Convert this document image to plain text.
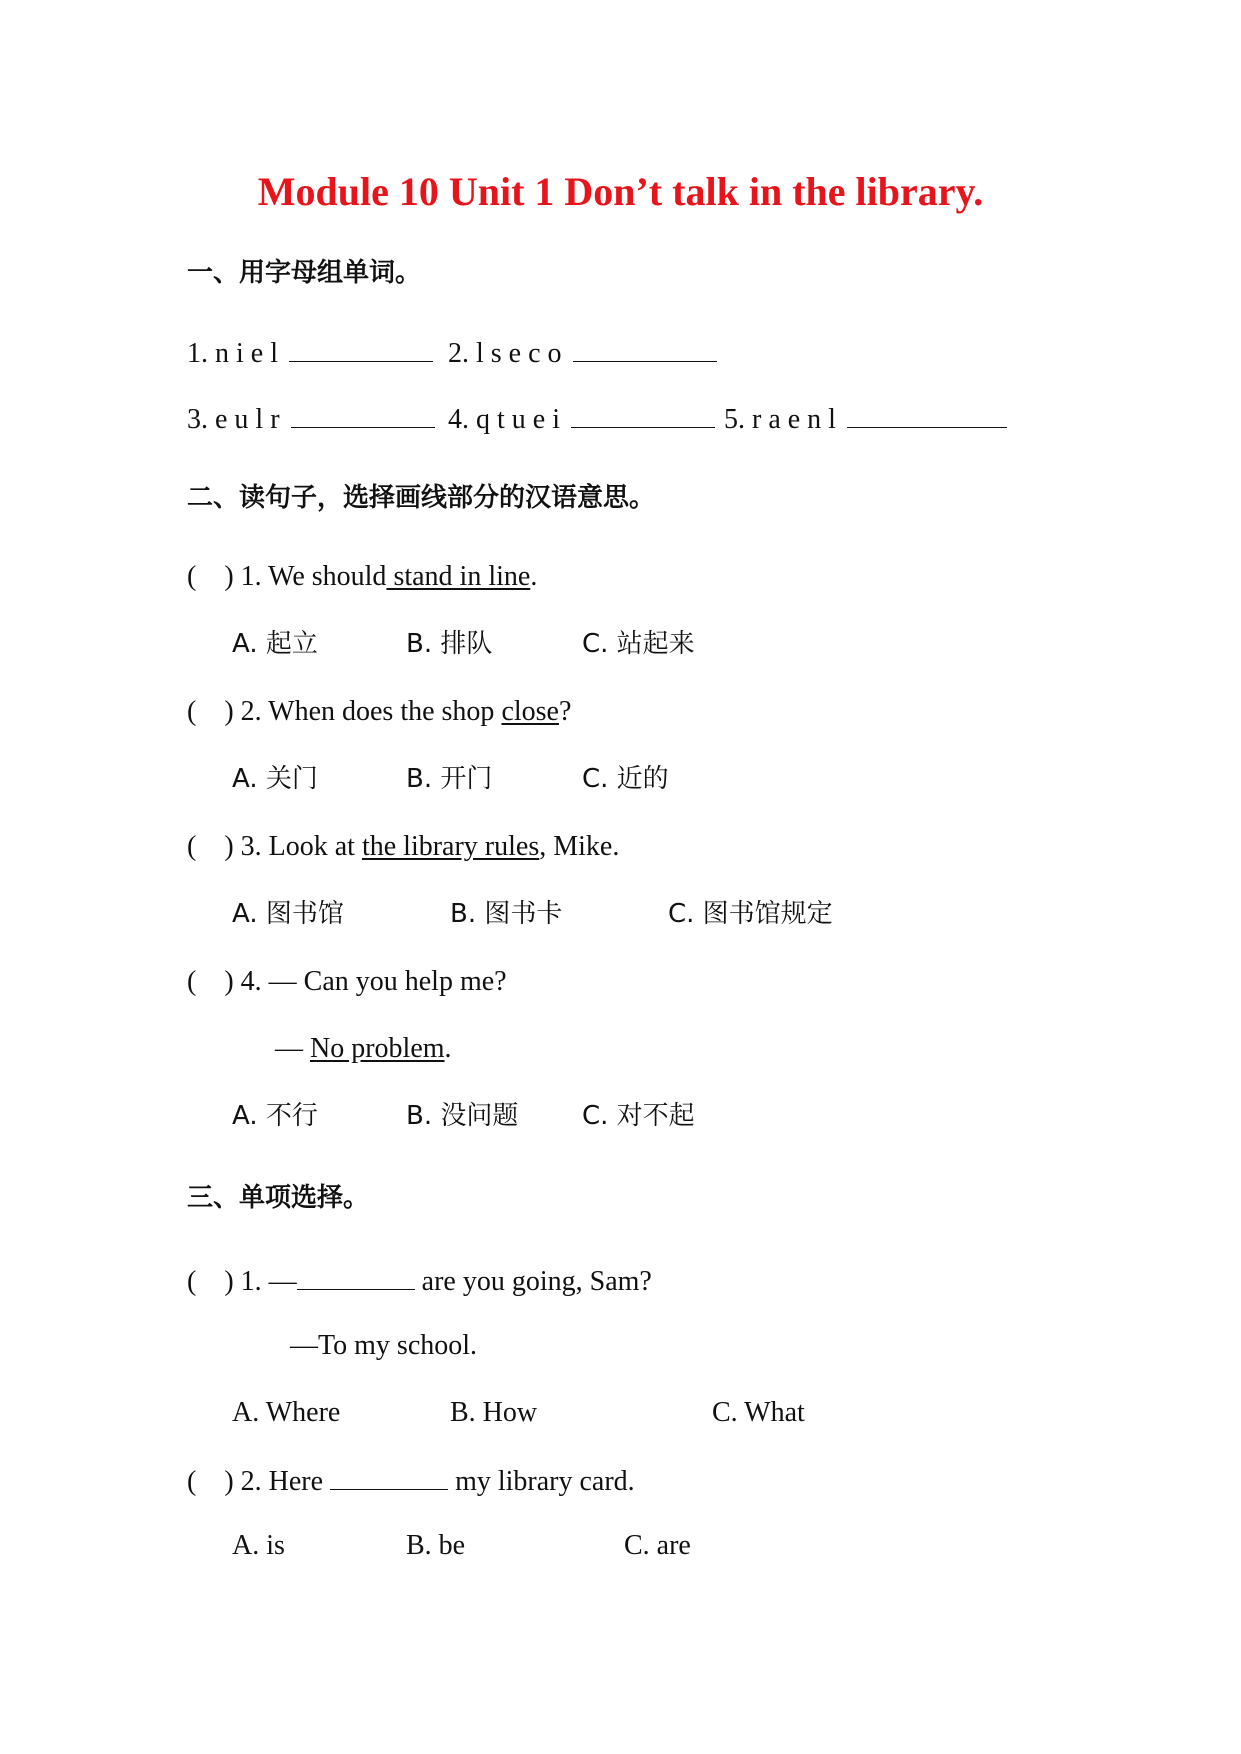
Module 10 Unit 1 Don’t talk in the library.
一、用字母组单词。
1. n i e l	2. l s e c o
3. e u l r	4. q t u e i	5. r a e n l
二、读句子，选择画线部分的汉语意思。
(　) 1. We should stand in line.
A. 起立	B. 排队	C. 站起来
(　) 2. When does the shop close?
A. 关门	B. 开门	C. 近的
(　) 3. Look at the library rules, Mike.
A. 图书馆	B. 图书卡	C. 图书馆规定
(　) 4. — Can you help me?
— No problem.
A. 不行	B. 没问题 C. 对不起
三、单项选择。
(　) 1. —	are you going, Sam?
—To my school.
A. Where	B. How	C. What
(　) 2. Here	my library card.
A. is	B. be	C. are
